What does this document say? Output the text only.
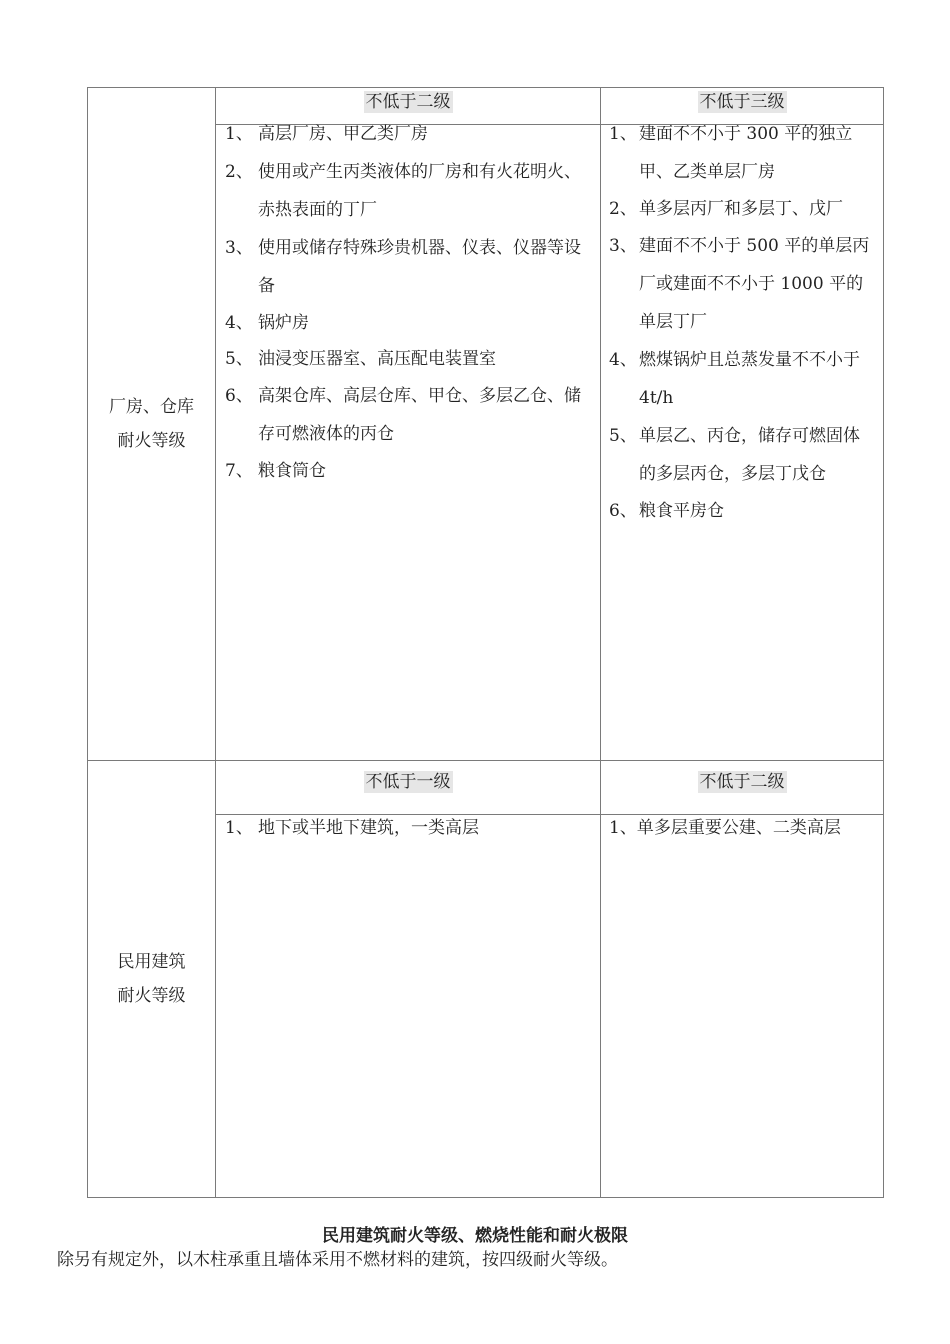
厂房、仓库
耐火等级
不低于二级
1、 高层厂房、甲乙类厂房
2、 使用或产生丙类液体的厂房和有火花明火、赤热表面的丁厂
3、 使用或储存特殊珍贵机器、仪表、仪器等设备
4、 锅炉房
5、 油浸变压器室、高压配电装置室
6、 高架仓库、高层仓库、甲仓、多层乙仓、储存可燃液体的丙仓
7、 粮食筒仓
不低于三级
1、 建面不不小于 300 平的独立甲、乙类单层厂房
2、 单多层丙厂和多层丁、戊厂
3、 建面不不小于 500 平的单层丙厂或建面不不小于 1000 平的单层丁厂
4、 燃煤锅炉且总蒸发量不不小于 4t/h
5、 单层乙、丙仓，储存可燃固体的多层丙仓，多层丁戊仓
6、 粮食平房仓
民用建筑
耐火等级
不低于一级
1、 地下或半地下建筑，一类高层
不低于二级
1、单多层重要公建、二类高层
民用建筑耐火等级、燃烧性能和耐火极限
除另有规定外，以木柱承重且墙体采用不燃材料的建筑，按四级耐火等级。
